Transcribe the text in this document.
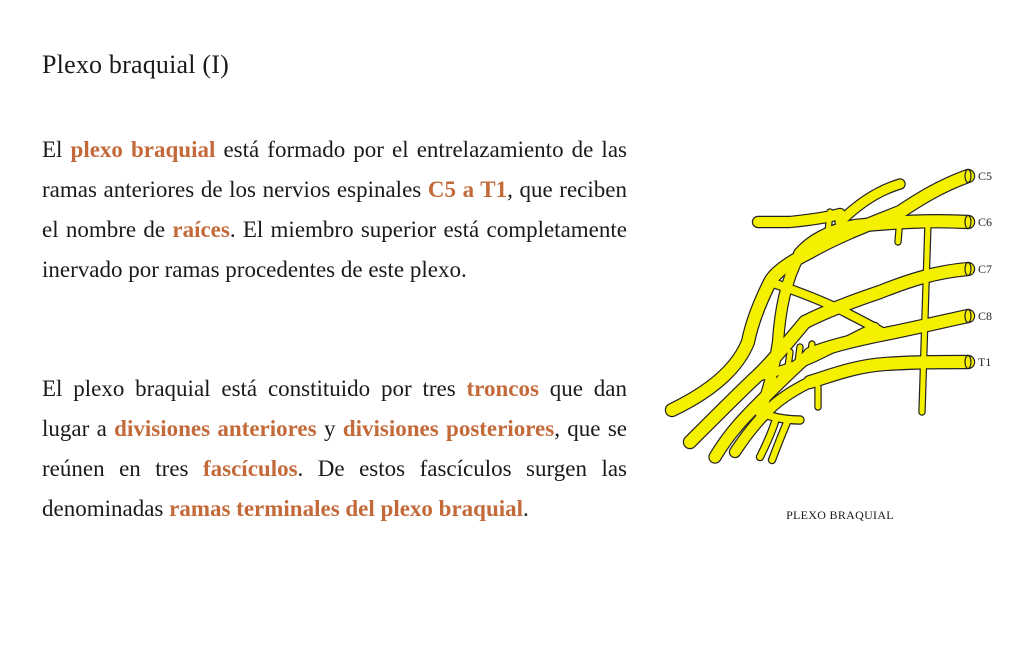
Plexo braquial (I)

El plexo braquial está formado por el entrelazamiento de las ramas anteriores de los nervios espinales C5 a T1, que reciben el nombre de raíces. El miembro superior está completamente inervado por ramas procedentes de este plexo.

El plexo braquial está constituido por tres troncos que dan lugar a divisiones anteriores y divisiones posteriores, que se reúnen en tres fascículos. De estos fascículos surgen las denominadas ramas terminales del plexo braquial.

C5
C6
C7
C8
T1
PLEXO BRAQUIAL
